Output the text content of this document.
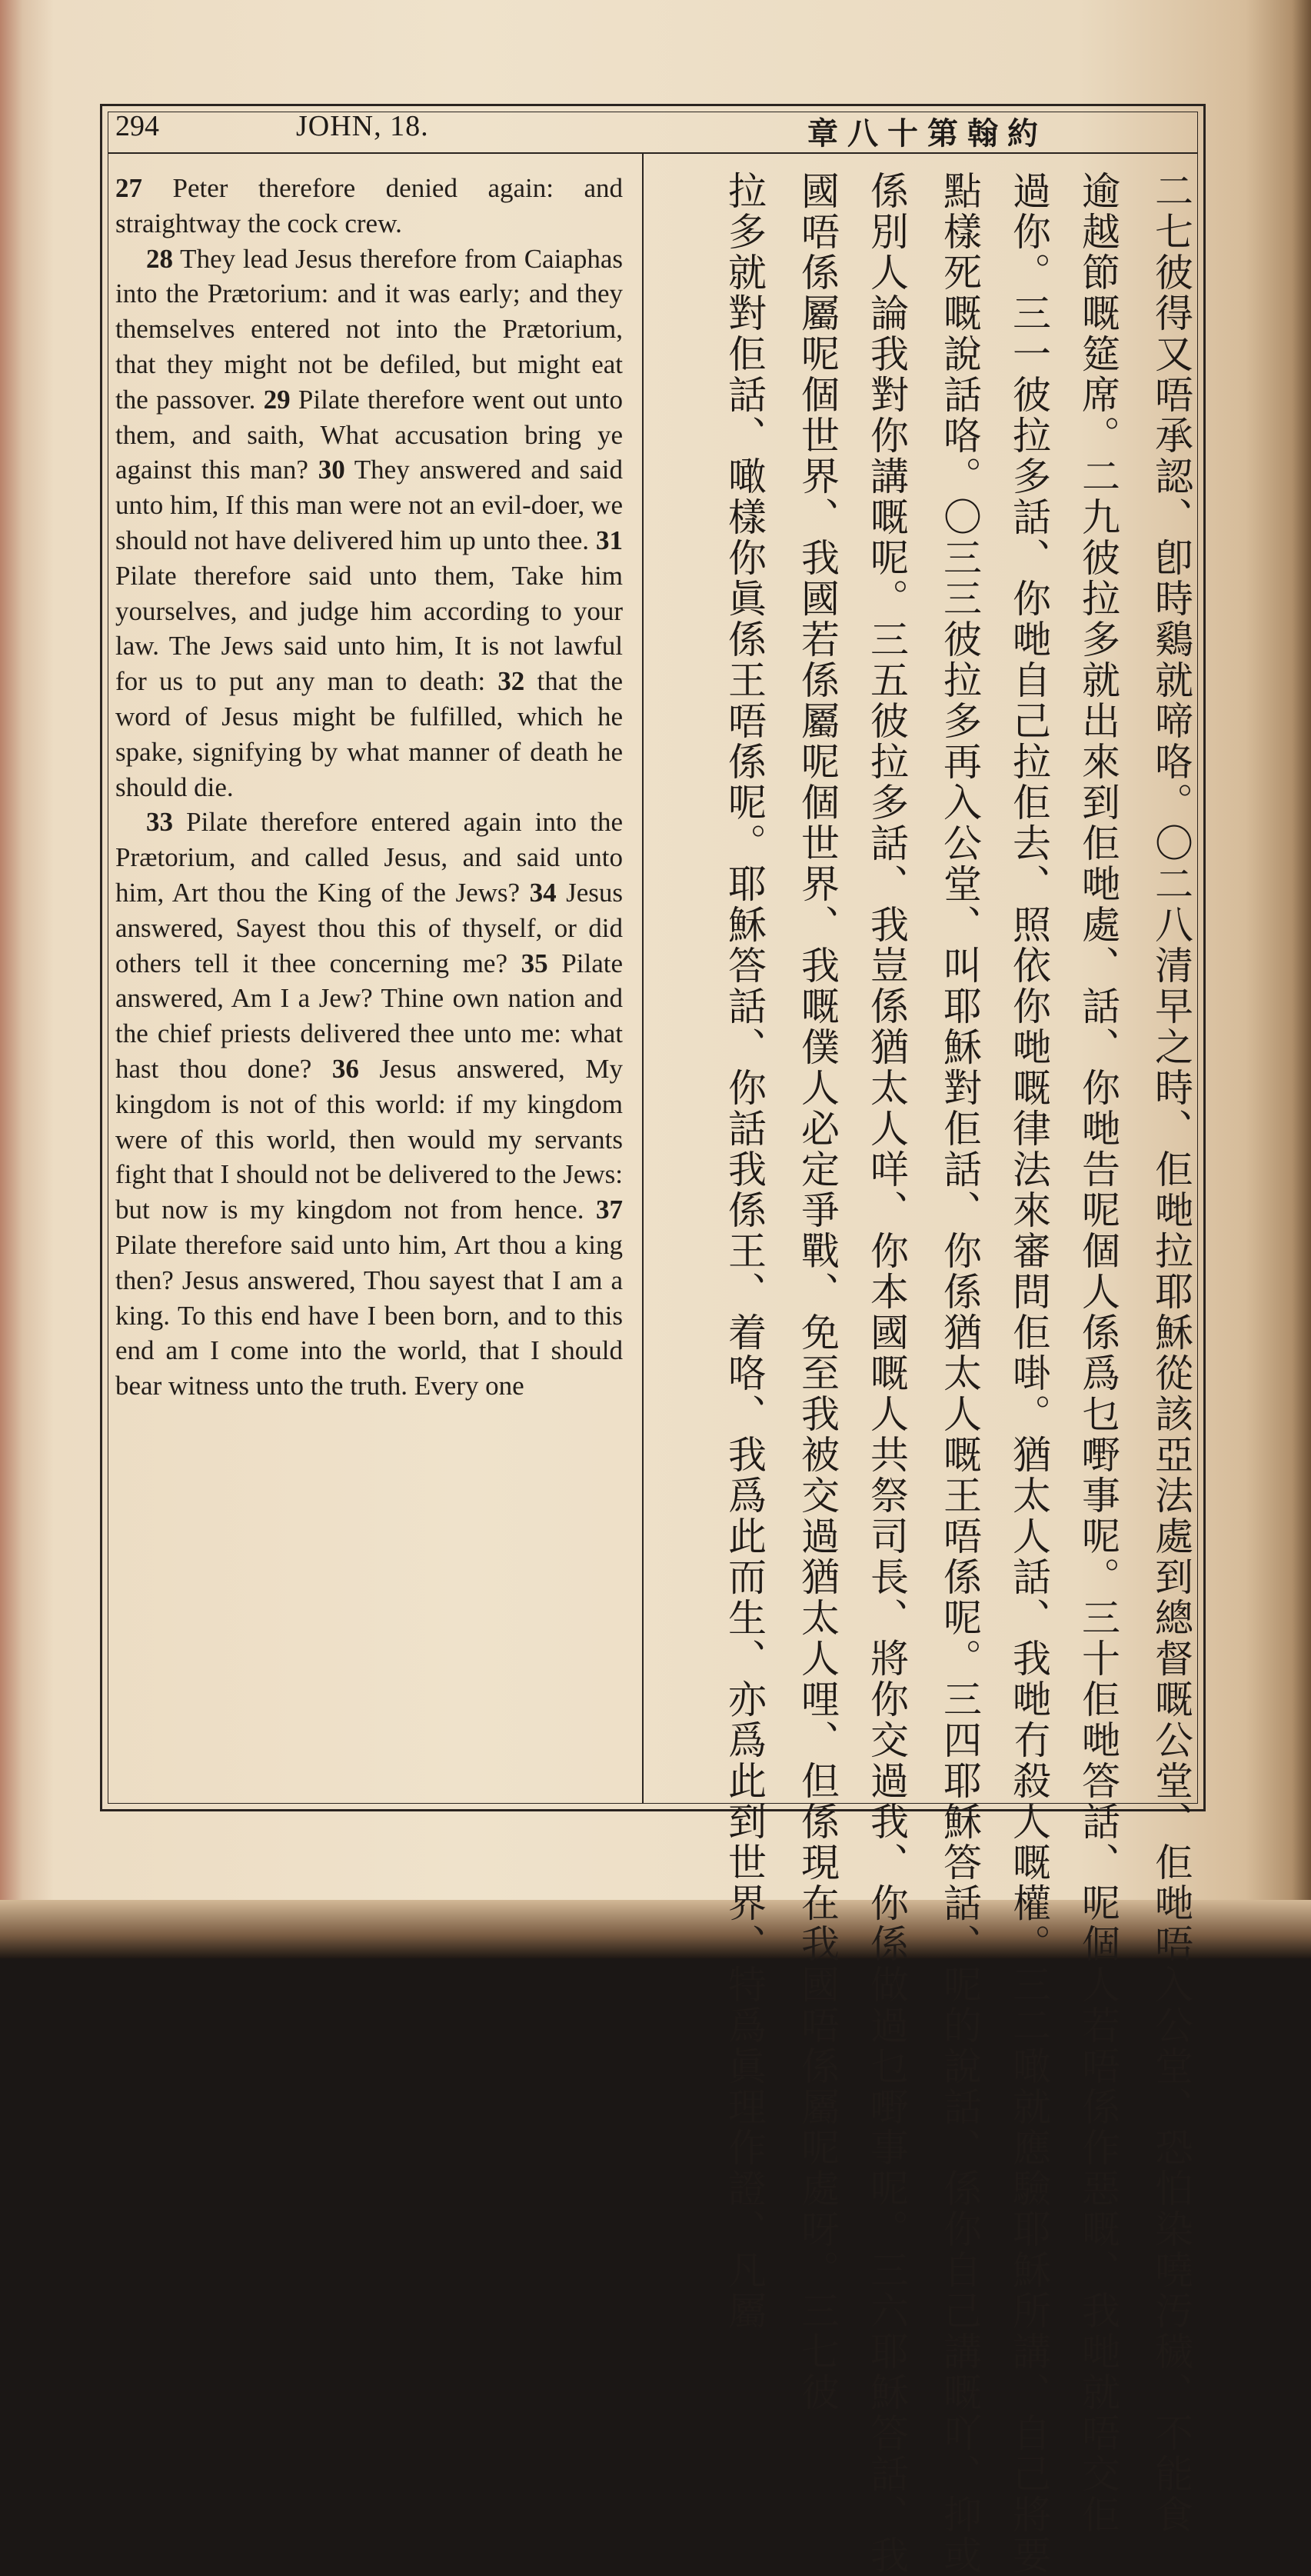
294	JOHN, 18.	章八十第翰約

27 Peter therefore denied again: and straightway the cock crew.

28 They lead Jesus therefore from Caiaphas into the Prætorium: and it was early; and they themselves entered not into the Prætorium, that they might not be defiled, but might eat the passover. 29 Pilate therefore went out unto them, and saith, What accusation bring ye against this man? 30 They answered and said unto him, If this man were not an evil-doer, we should not have delivered him up unto thee. 31 Pilate therefore said unto them, Take him yourselves, and judge him according to your law. The Jews said unto him, It is not lawful for us to put any man to death: 32 that the word of Jesus might be fulfilled, which he spake, signifying by what manner of death he should die.

33 Pilate therefore entered again into the Prætorium, and called Jesus, and said unto him, Art thou the King of the Jews? 34 Jesus answered, Sayest thou this of thyself, or did others tell it thee concerning me? 35 Pilate answered, Am I a Jew? Thine own nation and the chief priests delivered thee unto me: what hast thou done? 36 Jesus answered, My kingdom is not of this world: if my kingdom were of this world, then would my servants fight that I should not be delivered to the Jews: but now is my kingdom not from hence. 37 Pilate therefore said unto him, Art thou a king then? Jesus answered, Thou sayest that I am a king. To this end have I been born, and to this end am I come into the world, that I should bear witness unto the truth. Every one	二七彼得又唔承認、卽時鷄就啼咯。〇二八清早之時、佢哋拉耶穌從該亞法處到總督嘅公堂、佢哋唔入公堂、恐怕染嘵汚穢、不能食
逾越節嘅筵席。二九彼拉多就出來到佢哋處、話、你哋告呢個人係爲乜嘢事呢。三十佢哋答話、呢個人若唔係作惡嘅、我哋就唔交佢
過你。三一彼拉多話、你哋自己拉佢去、照依你哋嘅律法來審問佢啩。猶太人話、我哋冇殺人嘅權。三二噉就應驗耶穌所講、自己將要
點樣死嘅說話咯。〇三三彼拉多再入公堂、叫耶穌對佢話、你係猶太人嘅王唔係呢。三四耶穌答話、呢的說話、係你自己講嘅吖、抑或
係別人論我對你講嘅呢。三五彼拉多話、我豈係猶太人咩、你本國嘅人共祭司長、將你交過我、你係做過乜嘢事呢。三六耶穌答話、我
國唔係屬呢個世界、我國若係屬呢個世界、我嘅僕人必定爭戰、免至我被交過猶太人哩、但係現在我國唔係屬呢處呀。三七彼
拉多就對佢話、噉樣你眞係王唔係呢。耶穌答話、你話我係王、着咯、我爲此而生、亦爲此到世界、特爲眞理作證、凡屬
